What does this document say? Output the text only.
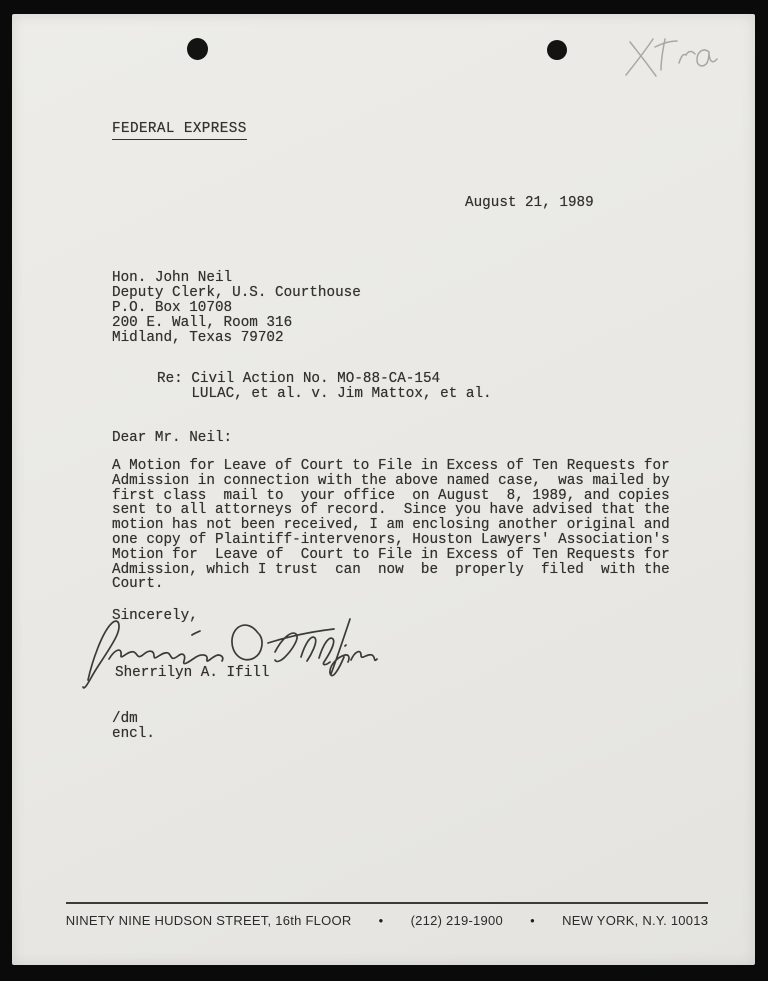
FEDERAL EXPRESS
August 21, 1989
Hon. John Neil
Deputy Clerk, U.S. Courthouse
P.O. Box 10708
200 E. Wall, Room 316
Midland, Texas 79702
Re: Civil Action No. MO-88-CA-154
LULAC, et al. v. Jim Mattox, et al.
Dear Mr. Neil:
A Motion for Leave of Court to File in Excess of Ten Requests for
Admission in connection with the above named case,  was mailed by
first class  mail to  your office  on August  8, 1989, and copies
sent to all attorneys of record.  Since you have advised that the
motion has not been received, I am enclosing another original and
one copy of Plaintiff-intervenors, Houston Lawyers' Association's
Motion for  Leave of  Court to File in Excess of Ten Requests for
Admission, which I trust  can  now  be  properly  filed  with the
Court.
Sincerely,
Sherrilyn A. Ifill
/dm
encl.
NINETY NINE HUDSON STREET, 16th FLOOR	● (212) 219-1900	● NEW YORK, N.Y. 10013
